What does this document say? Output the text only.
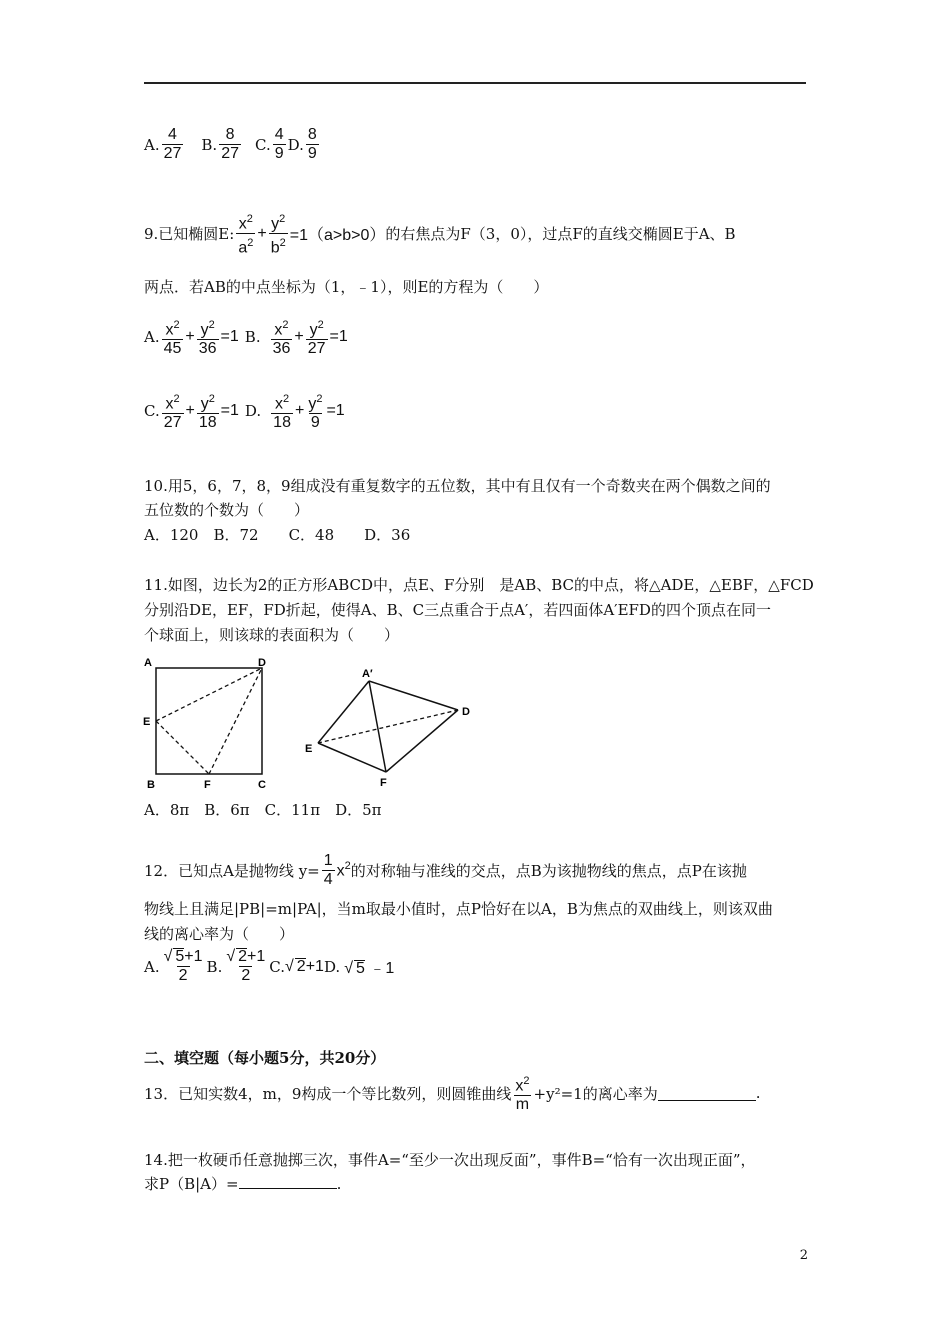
A. $\frac{4}{27} B$. $\frac{8}{27} C$. $\frac{4}{9} D$. $\frac{8}{9}$
9.已知椭圆E: $\frac{x^2}{a^2} + \frac{y^2}{b^2} =1(a>b>0)$ 的右焦点为F（3，0），过点F的直线交椭圆E于A、B
两点．若AB的中点坐标为（1，﹣1），则E的方程为（　　）
A. $\frac{x^2}{45} + \frac{y^2}{36} =1$ B. $\frac{x^2}{36} + \frac{y^2}{27} =1$
C. $\frac{x^2}{27} + \frac{y^2}{18} =1$ D. $\frac{x^2}{18} + \frac{y^2}{9} =1$
10.用5，6，7，8，9组成没有重复数字的五位数，其中有且仅有一个奇数夹在两个偶数之间的
五位数的个数为（　　）
A．120　B．72　　C．48　　D．36
11.如图，边长为2的正方形ABCD中，点E、F分别　是AB、BC的中点，将△ADE，△EBF，△FCD
分别沿DE，EF，FD折起，使得A、B、C三点重合于点A′，若四面体A′EFD的四个顶点在同一
个球面上，则该球的表面积为（　　）
A	D
E
B	F	C
A′
D
E
F
A．8π　B．6π　C．11π　D．5π
12．已知点A是抛物线 $y= \frac{1}{4} x^2$ 的对称轴与准线的交点，点B为该抛物线的焦点，点P在该抛
物线上且满足|PB|=m|PA|，当m取最小值时，点P恰好在以A，B为焦点的双曲线上，则该双曲
线的离心率为（　　）
A. $\frac{√ 5+1}{2} B$. $\frac{√ 2+1}{2} C$. √ 2+1 D. √ 5 ﹣1
二、填空题（每小题5分，共20分）
13．已知实数4，m，9构成一个等比数列，则圆锥曲线 $\frac{x^2}{m} +y^2=1$的离心率为	.
14.把一枚硬币任意抛掷三次，事件A=“至少一次出现反面”，事件B=“恰有一次出现正面”，
求P（B|A）=	.
2
